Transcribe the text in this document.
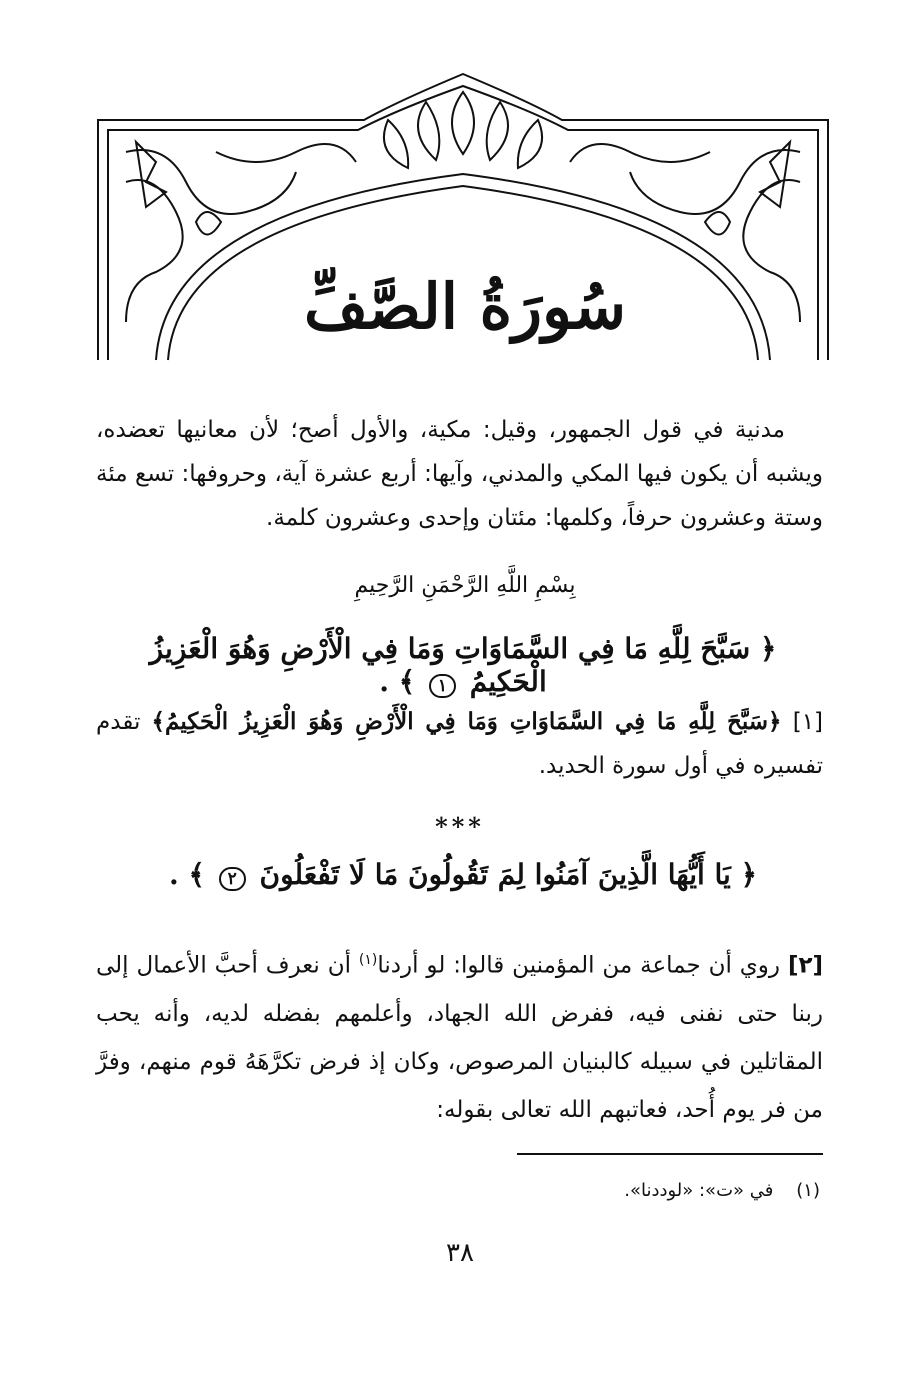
سُورَةُ الصَّفِّ

مدنية في قول الجمهور، وقيل: مكية، والأول أصح؛ لأن معانيها تعضده، ويشبه أن يكون فيها المكي والمدني، وآيها: أربع عشرة آية، وحروفها: تسع مئة وستة وعشرون حرفاً، وكلمها: مئتان وإحدى وعشرون كلمة.

بِسْمِ اللَّهِ الرَّحْمَنِ الرَّحِيمِ
﴿ سَبَّحَ لِلَّهِ مَا فِي السَّمَاوَاتِ وَمَا فِي الْأَرْضِ وَهُوَ الْعَزِيزُ الْحَكِيمُ ١ ﴾ .

[١] ﴿سَبَّحَ لِلَّهِ مَا فِي السَّمَاوَاتِ وَمَا فِي الْأَرْضِ وَهُوَ الْعَزِيزُ الْحَكِيمُ﴾ تقدم تفسيره في أول سورة الحديد.

***
﴿ يَا أَيُّهَا الَّذِينَ آمَنُوا لِمَ تَقُولُونَ مَا لَا تَفْعَلُونَ ٢ ﴾ .

[٢] روي أن جماعة من المؤمنين قالوا: لو أردنا$^{(١)}$ أن نعرف أحبَّ الأعمال إلى ربنا حتى نفنى فيه، ففرض الله الجهاد، وأعلمهم بفضله لديه، وأنه يحب المقاتلين في سبيله كالبنيان المرصوص، وكان إذ فرض تكرَّهَهُ قوم منهم، وفرَّ من فر يوم أُحد، فعاتبهم الله تعالى بقوله:

(١)    في «ت»: «لوددنا».
٣٨
